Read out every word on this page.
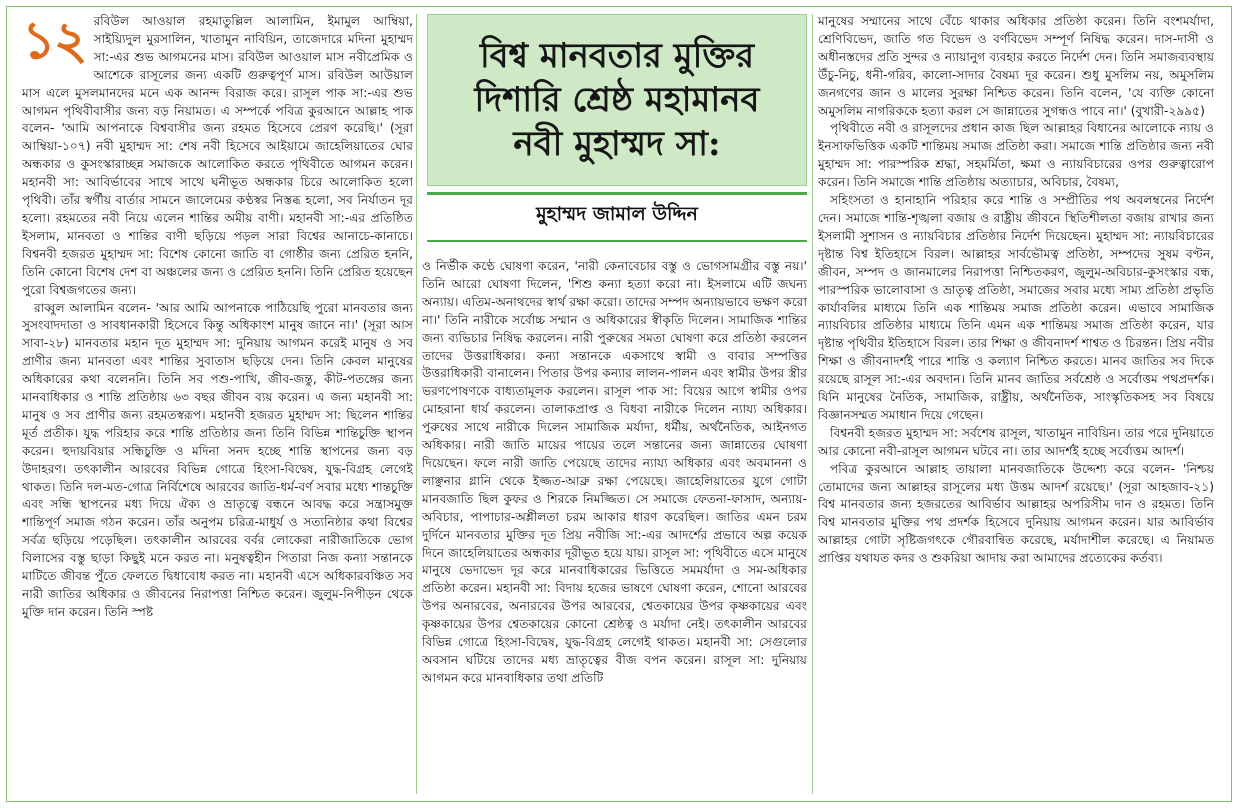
১২ রবিউল আওয়াল রহমাতুল্লিল আলামিন, ইমামুল আম্বিয়া, সাইয়্যিদুল মুরসালিন, খাতামুন নাবিয়িন, তাজেদারে মদিনা মুহাম্মদ সা:-এর শুভ আগমনের মাস। রবিউল আওয়াল মাস নবীপ্রেমিক ও আশেকে রাসূলের জন্য একটি গুরুত্বপূর্ণ মাস। রবিউল আউয়াল মাস এলে মুসলমানদের মনে এক আনন্দ বিরাজ করে। রাসূল পাক সা:-এর শুভ আগমন পৃথিবীবাসীর জন্য বড় নিয়ামত। এ সম্পর্কে পবিত্র কুরআনে আল্লাহ পাক বলেন- 'আমি আপনাকে বিশ্ববাসীর জন্য রহমত হিসেবে প্রেরণ করেছি।' (সূরা আম্বিয়া-১০৭) নবী মুহাম্মদ সা: শেষ নবী হিসেবে আইয়ামে জাহেলিয়াতের ঘোর অন্ধকার ও কুসংস্কারাচ্ছন্ন সমাজকে আলোকিত করতে পৃথিবীতে আগমন করেন। মহানবী সা: আবির্ভাবের সাথে সাথে ঘনীভূত অন্ধকার চিরে আলোকিত হলো পৃথিবী। তাঁর স্বর্গীয় বার্তার সামনে জালেমের কণ্ঠস্বর নিস্তব্ধ হলো, সব নির্যাতন দূর হলো। রহমতের নবী নিয়ে এলেন শান্তির অমীয় বাণী। মহানবী সা:-এর প্রতিষ্ঠিত ইসলাম, মানবতা ও শান্তির বাণী ছড়িয়ে পড়ল সারা বিশ্বের আনাচে-কানাচে। বিশ্বনবী হজরত মুহাম্মদ সা: বিশেষ কোনো জাতি বা গোষ্ঠীর জন্য প্রেরিত হননি, তিনি কোনো বিশেষ দেশ বা অঞ্চলের জন্য ও প্রেরিত হননি। তিনি প্রেরিত হয়েছেন পুরো বিশ্বজগতের জন্য।

রাব্বুল আলামিন বলেন- 'আর আমি আপনাকে পাঠিয়েছি পুরো মানবতার জন্য সুসংবাদদাতা ও সাবধানকারী হিসেবে কিন্তু অধিকাংশ মানুষ জানে না।' (সূরা আস সাবা-২৮) মানবতার মহান দূত মুহাম্মদ সা: দুনিয়ায় আগমন করেই মানুষ ও সব প্রাণীর জন্য মানবতা এবং শান্তির সুবাতাস ছড়িয়ে দেন। তিনি কেবল মানুষের অধিকারের কথা বলেননি। তিনি সব পশু-পাখি, জীব-জন্তু, কীট-পতঙ্গের জন্য মানবাধিকার ও শান্তি প্রতিষ্ঠায় ৬৩ বছর জীবন ব্যয় করেন। এ জন্য মহানবী সা: মানুষ ও সব প্রাণীর জন্য রহমতস্বরূপ। মহানবী হজরত মুহাম্মদ সা: ছিলেন শান্তির মূর্ত প্রতীক। যুদ্ধ পরিহার করে শান্তি প্রতিষ্ঠার জন্য তিনি বিভিন্ন শান্তিচুক্তি স্থাপন করেন। হুদায়বিয়ার সন্ধিচুক্তি ও মদিনা সনদ হচ্ছে শান্তি স্থাপনের জন্য বড় উদাহরণ। তৎকালীন আরবের বিভিন্ন গোত্রে হিংসা-বিদ্বেষ, যুদ্ধ-বিগ্রহ লেগেই থাকত। তিনি দল-মত-গোত্র নির্বিশেষে আরবের জাতি-ধর্ম-বর্ণ সবার মধ্যে শান্তচুক্তি এবং সন্ধি স্থাপনের মধ্য দিয়ে ঐক্য ও ভ্রাতৃত্বে বন্ধনে আবদ্ধ করে সন্ত্রাসমুক্ত শান্তিপূর্ণ সমাজ গঠন করেন। তাঁর অনুপম চরিত্র-মাধুর্য ও সত্যনিষ্ঠার কথা বিশ্বের সর্বত্র ছড়িয়ে পড়েছিল। তৎকালীন আরবের বর্বর লোকেরা নারীজাতিকে ভোগ বিলাসের বস্তু ছাড়া কিছুই মনে করত না। মনুষত্বহীন পিতারা নিজ কন্যা সন্তানকে মাটিতে জীবন্ত পুঁতে ফেলতে দ্বিধাবোধ করত না। মহানবী এসে অধিকারবঞ্চিত সব নারী জাতির অধিকার ও জীবনের নিরাপত্তা নিশ্চিত করেন। জুলুম-নিপীড়ন থেকে মুক্তি দান করেন। তিনি স্পষ্ট

বিশ্ব মানবতার মুক্তির
দিশারি শ্রেষ্ঠ মহামানব
নবী মুহাম্মদ সা:
মুহাম্মদ জামাল উদ্দিন

ও নির্ভীক কণ্ঠে ঘোষণা করেন, 'নারী কেনাবেচার বস্তু ও ভোগসামগ্রীর বস্তু নয়।' তিনি আরো ঘোষণা দিলেন, 'শিশু কন্যা হত্যা করো না। ইসলামে এটি জঘন্য অন্যায়। এতিম-অনাথদের স্বার্থ রক্ষা করো। তাদের সম্পদ অন্যায়ভাবে ভক্ষণ করো না।' তিনি নারীকে সর্বোচ্চ সম্মান ও অধিকারের স্বীকৃতি দিলেন। সামাজিক শান্তির জন্য ব্যভিচার নিষিদ্ধ করলেন। নারী পুরুষের সমতা ঘোষণা করে প্রতিষ্ঠা করলেন তাদের উত্তরাধিকার। কন্যা সন্তানকে একসাথে স্বামী ও বাবার সম্পত্তির উত্তরাধিকারী বানালেন। পিতার উপর কন্যার লালন-পালন এবং স্বামীর উপর স্ত্রীর ভরণপোষণকে বাধ্যতামূলক করলেন। রাসূল পাক সা: বিয়ের আগে স্বামীর ওপর মোহরানা ধার্য করলেন। তালাকপ্রাপ্ত ও বিধবা নারীকে দিলেন ন্যায্য অধিকার। পুরুষের সাথে নারীকে দিলেন সামাজিক মর্যাদা, ধর্মীয়, অর্থনৈতিক, আইনগত অধিকার। নারী জাতি মায়ের পায়ের তলে সন্তানের জন্য জান্নাতের ঘোষণা দিয়েছেন। ফলে নারী জাতি পেয়েছে তাদের ন্যায্য অধিকার এবং অবমাননা ও লাঞ্ছনার গ্লানি থেকে ইজ্জত-আব্রু রক্ষা পেয়েছে। জাহেলিয়াতের যুগে গোটা মানবজাতি ছিল কুফর ও শিরকে নিমজ্জিত। সে সমাজে ফেতনা-ফাসাদ, অন্যায়-অবিচার, পাপাচার-অশ্লীলতা চরম আকার ধারণ করেছিল। জাতির এমন চরম দুর্দিনে মানবতার মুক্তির দূত প্রিয় নবীজি সা:-এর আদর্শের প্রভাবে অল্প কয়েক দিনে জাহেলিয়াতের অন্ধকার দূরীভূত হয়ে যায়। রাসূল সা: পৃথিবীতে এসে মানুষে মানুষে ভেদাভেদ দূর করে মানবাধিকারের ভিত্তিতে সমমর্যাদা ও সম-অধিকার প্রতিষ্ঠা করেন। মহানবী সা: বিদায় হজের ভাষণে ঘোষণা করেন, শোনো আরবের উপর অনারবের, অনারবের উপর আরবের, শ্বেতকায়ের উপর কৃষ্ণকায়ের এবং কৃষ্ণকায়ের উপর শ্বেতকায়ের কোনো শ্রেষ্ঠত্ব ও মর্যাদা নেই। তৎকালীন আরবের বিভিন্ন গোত্রে হিংসা-বিদ্বেষ, যুদ্ধ-বিগ্রহ লেগেই থাকত। মহানবী সা: সেগুলোর অবসান ঘটিয়ে তাদের মধ্য ভ্রাতৃত্বের বীজ বপন করেন। রাসূল সা: দুনিয়ায় আগমন করে মানবাধিকার তথা প্রতিটি

মানুষের সম্মানের সাথে বেঁচে থাকার অধিকার প্রতিষ্ঠা করেন। তিনি বংশমর্যাদা, শ্রেণিবিভেদ, জাতি গত বিভেদ ও বর্ণবিভেদ সম্পূর্ণ নিষিদ্ধ করেন। দাস-দাসী ও অধীনস্তদের প্রতি সুন্দর ও ন্যায়ানুগ ব্যবহার করতে নির্দেশ দেন। তিনি সমাজব্যবস্থায় উঁচু-নিচু, ধনী-গরিব, কালো-সাদার বৈষম্য দূর করেন। শুধু মুসলিম নয়, অমুসলিম জনগণের জান ও মালের সুরক্ষা নিশ্চিত করেন। তিনি বলেন, 'যে ব্যক্তি কোনো অমুসলিম নাগরিককে হত্যা করল সে জান্নাতের সুগন্ধও পাবে না।' (বুখারী-২৯৯৫)

পৃথিবীতে নবী ও রাসূলদের প্রধান কাজ ছিল আল্লাহর বিধানের আলোকে ন্যায় ও ইনসাফভিত্তিক একটি শান্তিময় সমাজ প্রতিষ্ঠা করা। সমাজে শান্তি প্রতিষ্ঠার জন্য নবী মুহাম্মদ সা: পারস্পরিক শ্রদ্ধা, সহমর্মিতা, ক্ষমা ও ন্যায়বিচারের ওপর গুরুত্বারোপ করেন। তিনি সমাজে শান্তি প্রতিষ্ঠায় অত্যাচার, অবিচার, বৈষম্য,

সহিংসতা ও হানাহানি পরিহার করে শান্তি ও সম্প্রীতির পথ অবলম্বনের নির্দেশ দেন। সমাজে শান্তি-শৃঙ্খলা বজায় ও রাষ্ট্রীয় জীবনে স্থিতিশীলতা বজায় রাখার জন্য ইসলামী সুশাসন ও ন্যায়বিচার প্রতিষ্ঠার নির্দেশ দিয়েছেন। মুহাম্মদ সা: ন্যায়বিচারের দৃষ্টান্ত বিশ্ব ইতিহাসে বিরল। আল্লাহর সার্বভৌমত্ব প্রতিষ্ঠা, সম্পদের সুষম বণ্টন, জীবন, সম্পদ ও জানমালের নিরাপত্তা নিশ্চিতকরণ, জুলুম-অবিচার-কুসংস্কার বন্ধ, পারস্পরিক ভালোবাসা ও ভ্রাতৃত্ব প্রতিষ্ঠা, সমাজের সবার মধ্যে সাম্য প্রতিষ্ঠা প্রভৃতি কার্যাবলির মাধ্যমে তিনি এক শান্তিময় সমাজ প্রতিষ্ঠা করেন। এভাবে সামাজিক ন্যায়বিচার প্রতিষ্ঠার মাধ্যমে তিনি এমন এক শান্তিময় সমাজ প্রতিষ্ঠা করেন, যার দৃষ্টান্ত পৃথিবীর ইতিহাসে বিরল। তার শিক্ষা ও জীবনাদর্শ শাশ্বত ও চিরন্তন। প্রিয় নবীর শিক্ষা ও জীবনাদর্শই পারে শান্তি ও কল্যাণ নিশ্চিত করতে। মানব জাতির সব দিকে রয়েছে রাসূল সা:-এর অবদান। তিনি মানব জাতির সর্বশ্রেষ্ঠ ও সর্বোত্তম পথপ্রদর্শক। যিনি মানুষের নৈতিক, সামাজিক, রাষ্ট্রীয়, অর্থনৈতিক, সাংস্কৃতিকসহ সব বিষয়ে বিজ্ঞানসম্মত সমাধান দিয়ে গেছেন।

বিশ্বনবী হজরত মুহাম্মদ সা: সর্বশেষ রাসূল, খাতামুন নাবিয়িন। তার পরে দুনিয়াতে আর কোনো নবী-রাসূল আগমন ঘটবে না। তার আদর্শই হচ্ছে সর্বোত্তম আদর্শ।

পবিত্র কুরআনে আল্লাহ তায়ালা মানবজাতিকে উদ্দেশ্য করে বলেন- 'নিশ্চয় তোমাদের জন্য আল্লাহর রাসূলের মধ্য উত্তম আদর্শ রয়েছে।' (সূরা আহজাব-২১) বিশ্ব মানবতার জন্য হজরতের আবির্ভাব আল্লাহর অপরিসীম দান ও রহমত। তিনি বিশ্ব মানবতার মুক্তির পথ প্রদর্শক হিসেবে দুনিয়ায় আগমন করেন। যার আবির্ভাব আল্লাহর গোটা সৃষ্টিজগৎকে গৌরবান্বিত করেছে, মর্যাদাশীল করেছে। এ নিয়ামত প্রাপ্তির যথাযত কদর ও শুকরিয়া আদায় করা আমাদের প্রত্যেকের কর্তব্য।
